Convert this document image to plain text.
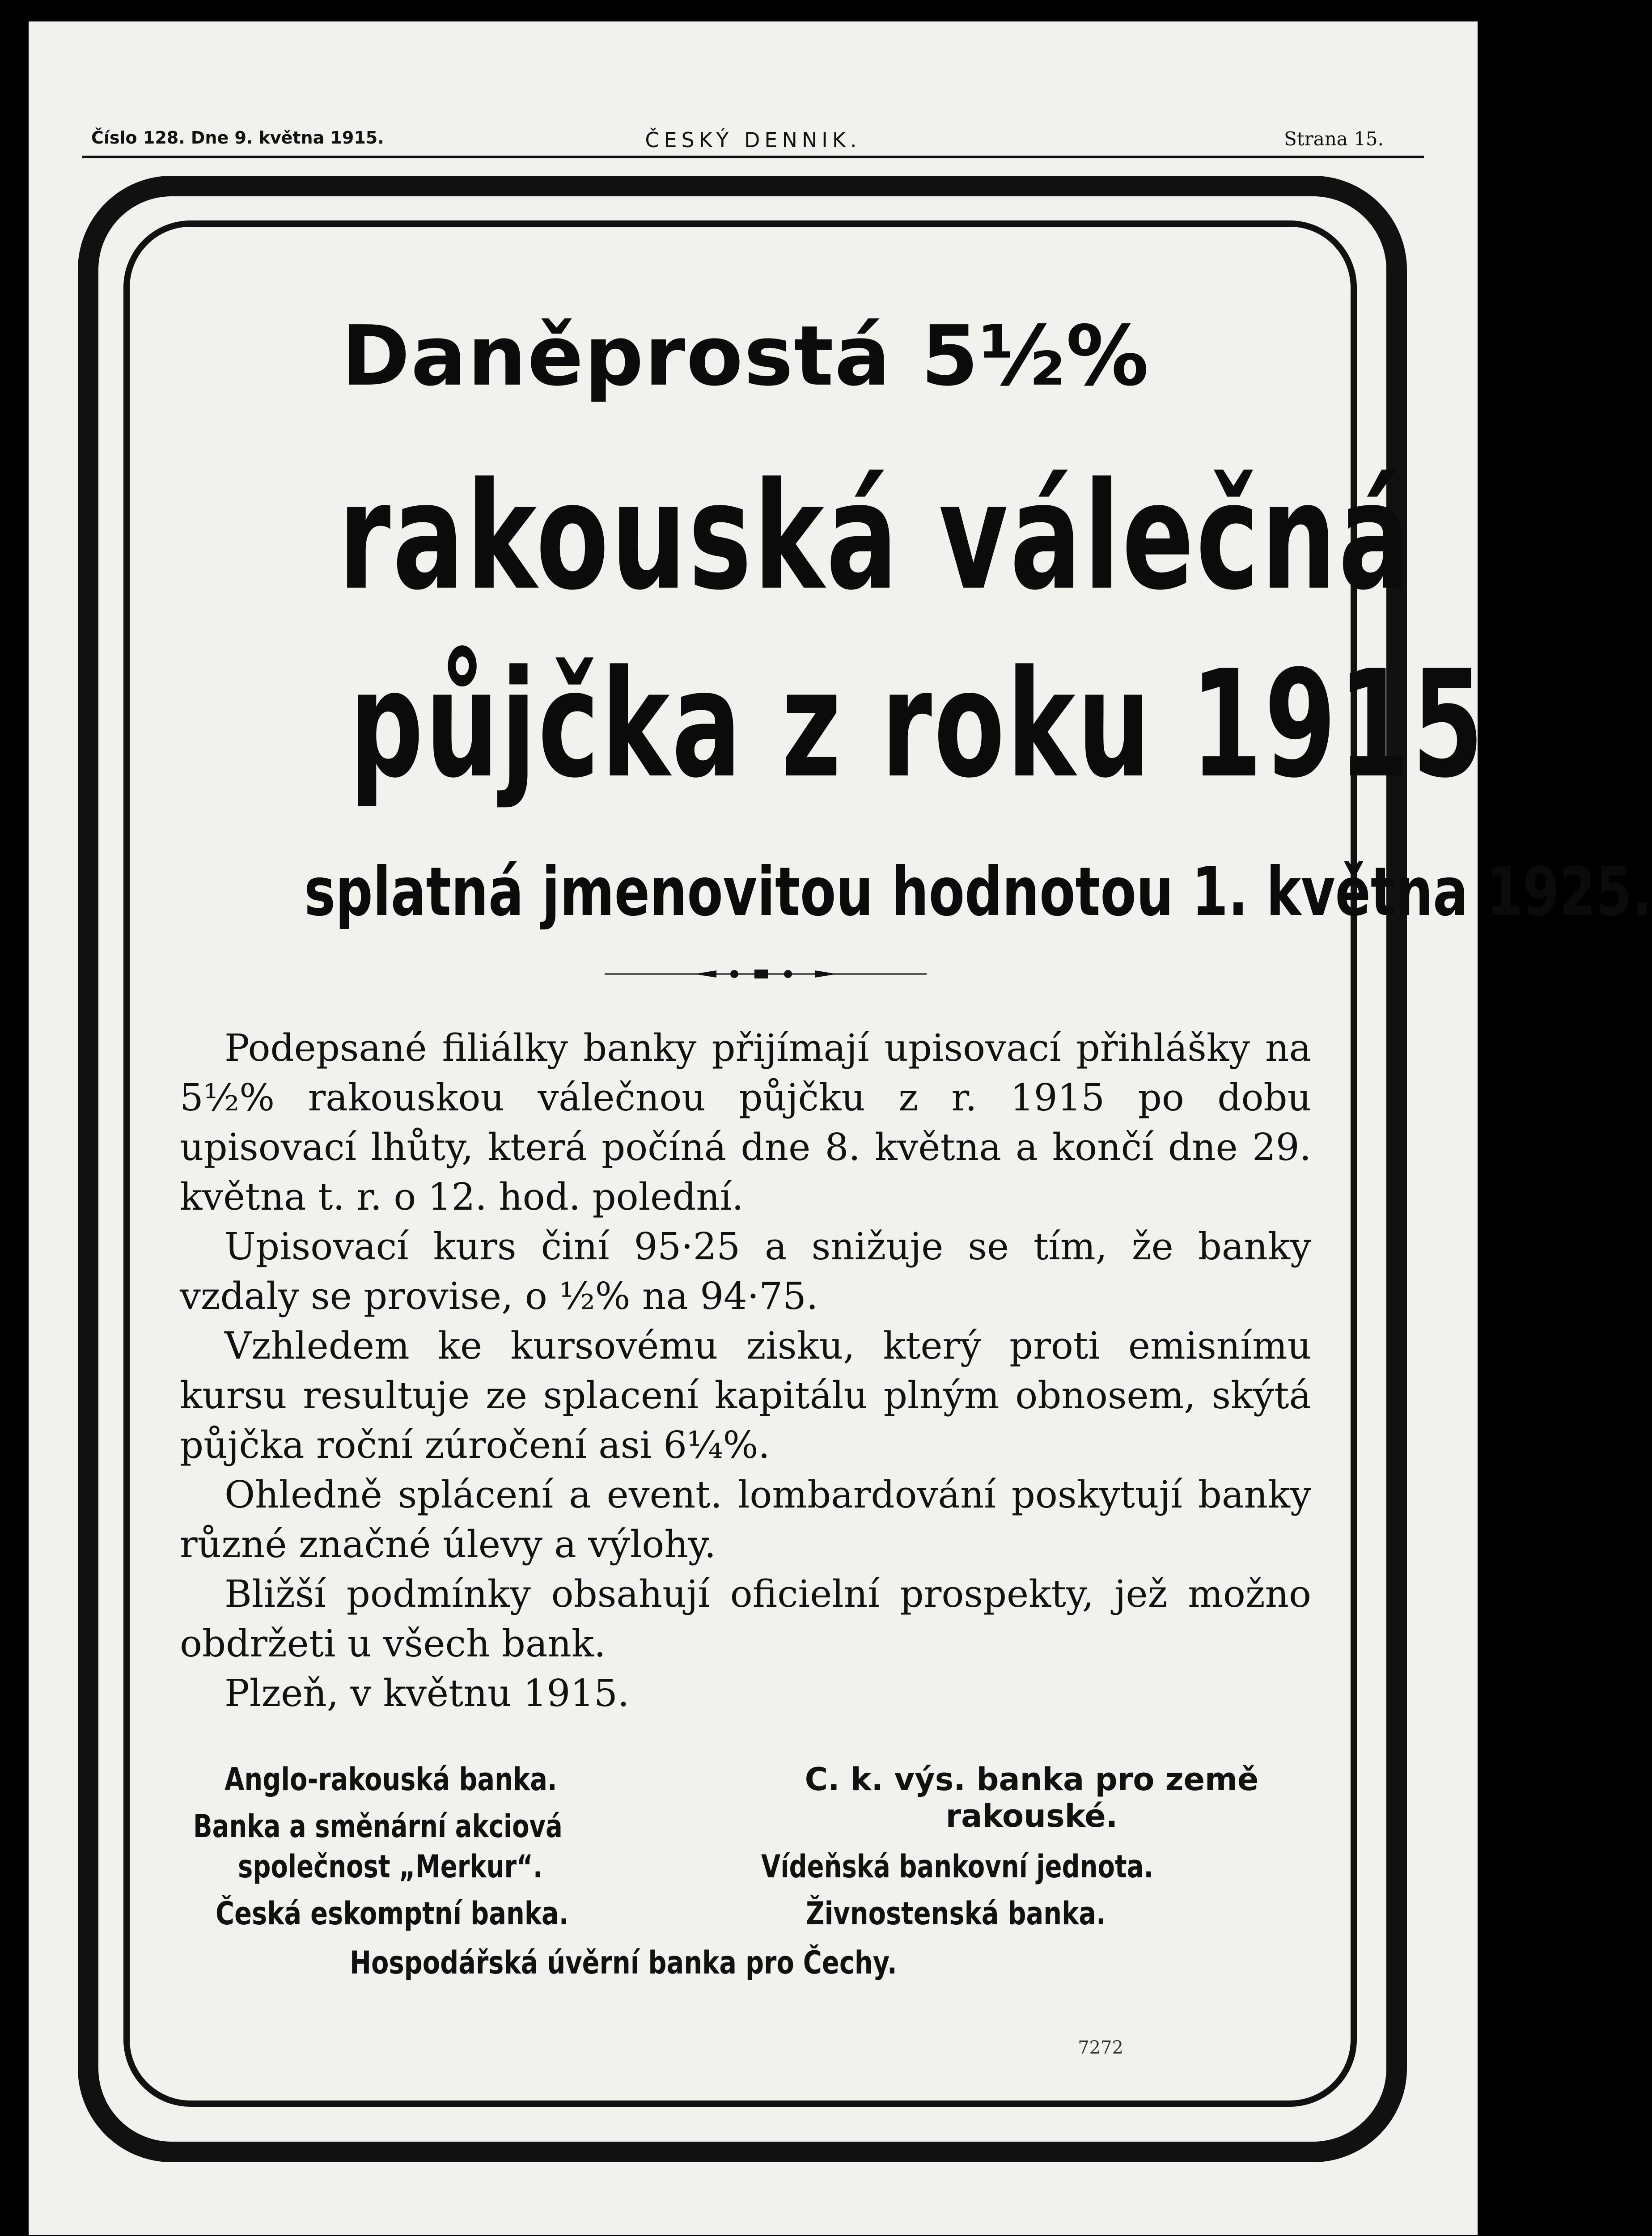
Číslo 128. Dne 9. května 1915.	ČESKÝ DENNIK.	Strana 15.
Daněprostá 5½%
rakouská válečná
půjčka z roku 1915
splatná jmenovitou hodnotou 1. května 1925.

Podepsané filiálky banky přijímají upisovací přihlášky na 5½% rakouskou válečnou půjčku z r. 1915 po dobu upisovací lhůty, která počíná dne 8. května a končí dne 29. května t. r. o 12. hod. polední.

Upisovací kurs činí 95·25 a snižuje se tím, že banky vzdaly se provise, o ½% na 94·75.

Vzhledem ke kursovému zisku, který proti emisnímu kursu resultuje ze splacení kapitálu plným obnosem, skýtá půjčka roční zúročení asi 6¼%.

Ohledně splácení a event. lombardování poskytují banky různé značné úlevy a výlohy.

Bližší podmínky obsahují oficielní prospekty, jež možno obdržeti u všech bank.

Plzeň, v květnu 1915.

Anglo-rakouská banka.	C. k. výs. banka pro země rakouské.
Banka a směnární akciová
společnost „Merkur“.	Vídeňská bankovní jednota.
Česká eskomptní banka.	Živnostenská banka.
Hospodářská úvěrní banka pro Čechy.
7272
